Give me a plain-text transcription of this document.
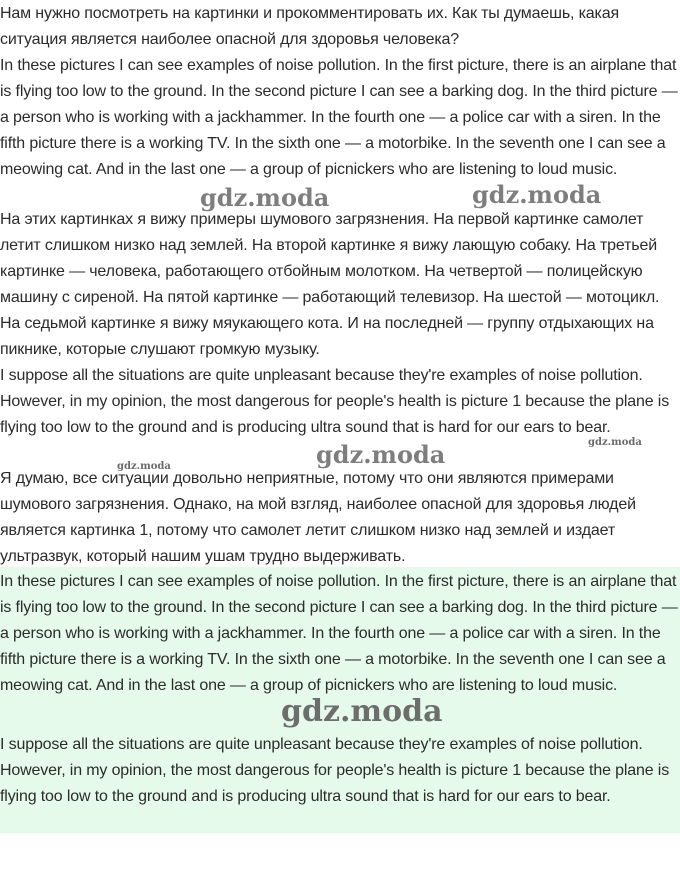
Нам нужно посмотреть на картинки и прокомментировать их. Как ты думаешь, какая ситуация является наиболее опасной для здоровья человека?

In these pictures I can see examples of noise pollution. In the first picture, there is an airplane that is flying too low to the ground. In the second picture I can see a barking dog. In the third picture — a person who is working with a jackhammer. In the fourth one — a police car with a siren. In the fifth picture there is a working TV. In the sixth one — a motorbike. In the seventh one I can see a meowing cat. And in the last one — a group of picnickers who are listening to loud music.

На этих картинках я вижу примеры шумового загрязнения. На первой картинке самолет летит слишком низко над землей. На второй картинке я вижу лающую собаку. На третьей картинке — человека, работающего отбойным молотком. На четвертой — полицейскую машину с сиреной. На пятой картинке — работающий телевизор. На шестой — мотоцикл. На седьмой картинке я вижу мяукающего кота. И на последней — группу отдыхающих на пикнике, которые слушают громкую музыку.

I suppose all the situations are quite unpleasant because they're examples of noise pollution. However, in my opinion, the most dangerous for people's health is picture 1 because the plane is flying too low to the ground and is producing ultra sound that is hard for our ears to bear.

Я думаю, все ситуации довольно неприятные, потому что они являются примерами шумового загрязнения. Однако, на мой взгляд, наиболее опасной для здоровья людей является картинка 1, потому что самолет летит слишком низко над землей и издает ультразвук, который нашим ушам трудно выдерживать.

In these pictures I can see examples of noise pollution. In the first picture, there is an airplane that is flying too low to the ground. In the second picture I can see a barking dog. In the third picture — a person who is working with a jackhammer. In the fourth one — a police car with a siren. In the fifth picture there is a working TV. In the sixth one — a motorbike. In the seventh one I can see a meowing cat. And in the last one — a group of picnickers who are listening to loud music.

I suppose all the situations are quite unpleasant because they're examples of noise pollution. However, in my opinion, the most dangerous for people's health is picture 1 because the plane is flying too low to the ground and is producing ultra sound that is hard for our ears to bear.

gdz.moda	gdz.moda
gdz.moda	gdz.moda
gdz.moda
gdz.moda
